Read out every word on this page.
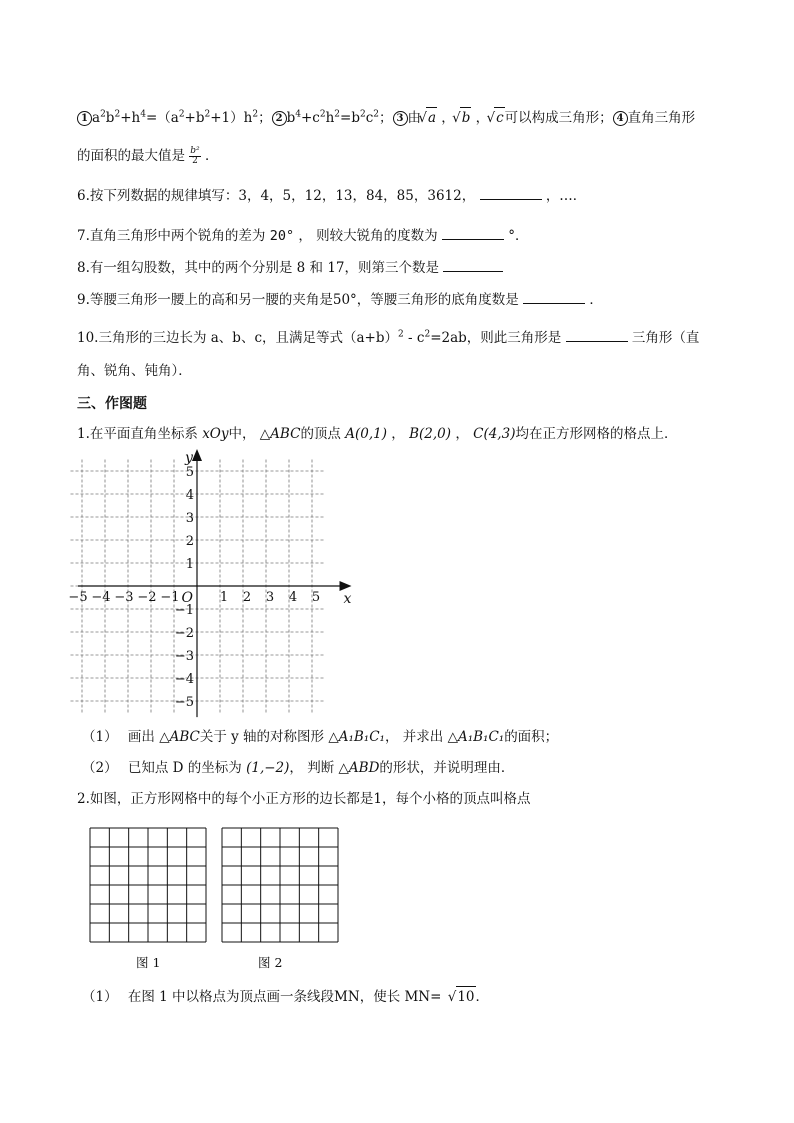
1 $a^2b^2+h^4=(a^2+b^2+1)h^2$； 2 $b^4+c^2h^2=b^2c^2$； 3 由 √ a ， √ b ， √ c可以构成三角形； 4 直角三角形
的面积的最大值是 $\frac{\text{b²}}{2}$ ．
6.按下列数据的规律填写：3，4，5，12，13，84，85，3612，	，…．
7.直角三角形中两个锐角的差为 20° ， 则较大锐角的度数为	°．
8.有一组勾股数，其中的两个分别是 8 和 17，则第三个数是
9.等腰三角形一腰上的高和另一腰的夹角是50°，等腰三角形的底角度数是	．
10.三角形的三边长为 a、b、c，且满足等式$(a+b)^2 - c^2=2ab$，则此三角形是	三角形（直
角、锐角、钝角）．
三、作图题
1.在平面直角坐标系 xOy中， △ABC的顶点 A(0,1) ， B(2,0) ， C(4,3)均在正方形网格的格点上．
−5 −4 −3 −2 −1	1 2 3 4 5
5
4
3
2
1
−1
−2
−3
−4
−5
O	x
y
（1） 画出 △ABC关于 y 轴的对称图形 △A₁B₁C₁， 并求出 △A₁B₁C₁的面积；
（2） 已知点 D 的坐标为 (1,−2)， 判断 △ABD的形状，并说明理由．
2.如图，正方形网格中的每个小正方形的边长都是1，每个小格的顶点叫格点
图 1	图 2
（1） 在图 1 中以格点为顶点画一条线段MN，使长 MN= √ 10．
